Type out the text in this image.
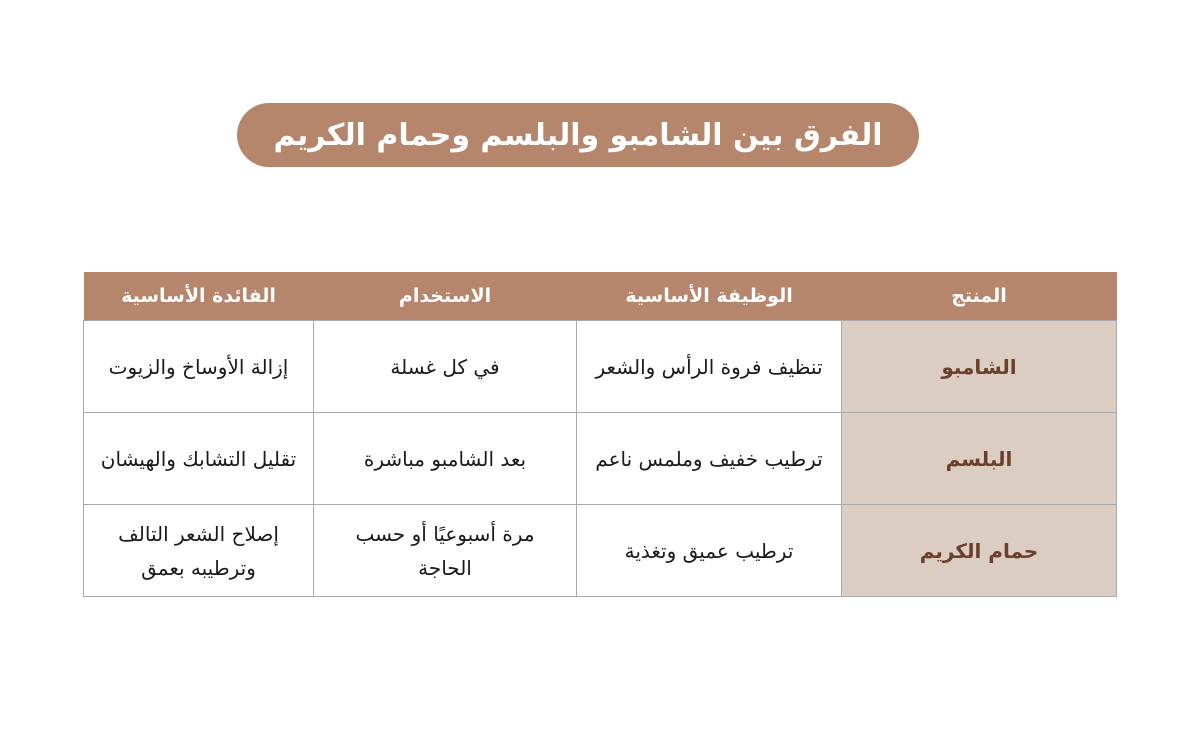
الفرق بين الشامبو والبلسم وحمام الكريم
المنتج	الوظيفة الأساسية	الاستخدام	الفائدة الأساسية
الشامبو	تنظيف فروة الرأس والشعر	في كل غسلة	إزالة الأوساخ والزيوت
البلسم	ترطيب خفيف وملمس ناعم	بعد الشامبو مباشرة	تقليل التشابك والهيشان
حمام الكريم	ترطيب عميق وتغذية	مرة أسبوعيًا أو حسب الحاجة	إصلاح الشعر التالف وترطيبه بعمق
